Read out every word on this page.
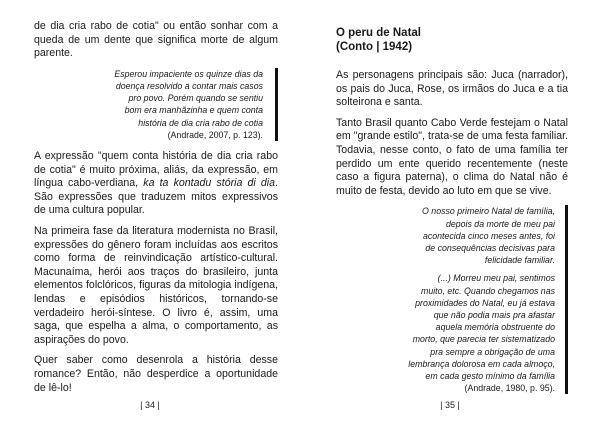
de dia cria rabo de cotia" ou então sonhar com a queda de um dente que significa morte de algum parente.

Esperou impaciente os quinze dias da
doença resolvido a contar mais casos
pro povo. Porém quando se sentiu
bom era manhãzinha e quem conta
história de dia cria rabo de cotia
(Andrade, 2007, p. 123).

A expressão "quem conta história de dia cria rabo de cotia" é muito próxima, aliás, da expressão, em língua cabo-verdiana, ka ta kontadu stória di dia. São expressões que traduzem mitos expressivos de uma cultura popular.

Na primeira fase da literatura modernista no Brasil, expressões do gênero foram incluídas aos escritos como forma de reinvindicação artístico-cultural. Macunaíma, herói aos traços do brasileiro, junta elementos folclóricos, figuras da mitologia indígena, lendas e episódios históricos, tornando-se verdadeiro herói-síntese. O livro é, assim, uma saga, que espelha a alma, o comportamento, as aspirações do povo.

Quer saber como desenrola a história desse romance? Então, não desperdice a oportunidade de lê-lo!

| 34 |
O peru de Natal
(Conto | 1942)

As personagens principais são: Juca (narrador), os pais do Juca, Rose, os irmãos do Juca e a tia solteirona e santa.

Tanto Brasil quanto Cabo Verde festejam o Natal em "grande estilo", trata-se de uma festa familiar. Todavia, nesse conto, o fato de uma família ter perdido um ente querido recentemente (neste caso a figura paterna), o clima do Natal não é muito de festa, devido ao luto em que se vive.

O nosso primeiro Natal de família,
depois da morte de meu pai
acontecida cinco meses antes, foi
de consequências decisivas para
felicidade familiar.
(...) Morreu meu pai, sentimos
muito, etc. Quando chegamos nas
proximidades do Natal, eu já estava
que não podia mais pra afastar
aquela memória obstruente do
morto, que parecia ter sistematizado
pra sempre a obrigação de uma
lembrança dolorosa em cada almoço,
em cada gesto mínimo da família
(Andrade, 1980, p. 95).
| 35 |
